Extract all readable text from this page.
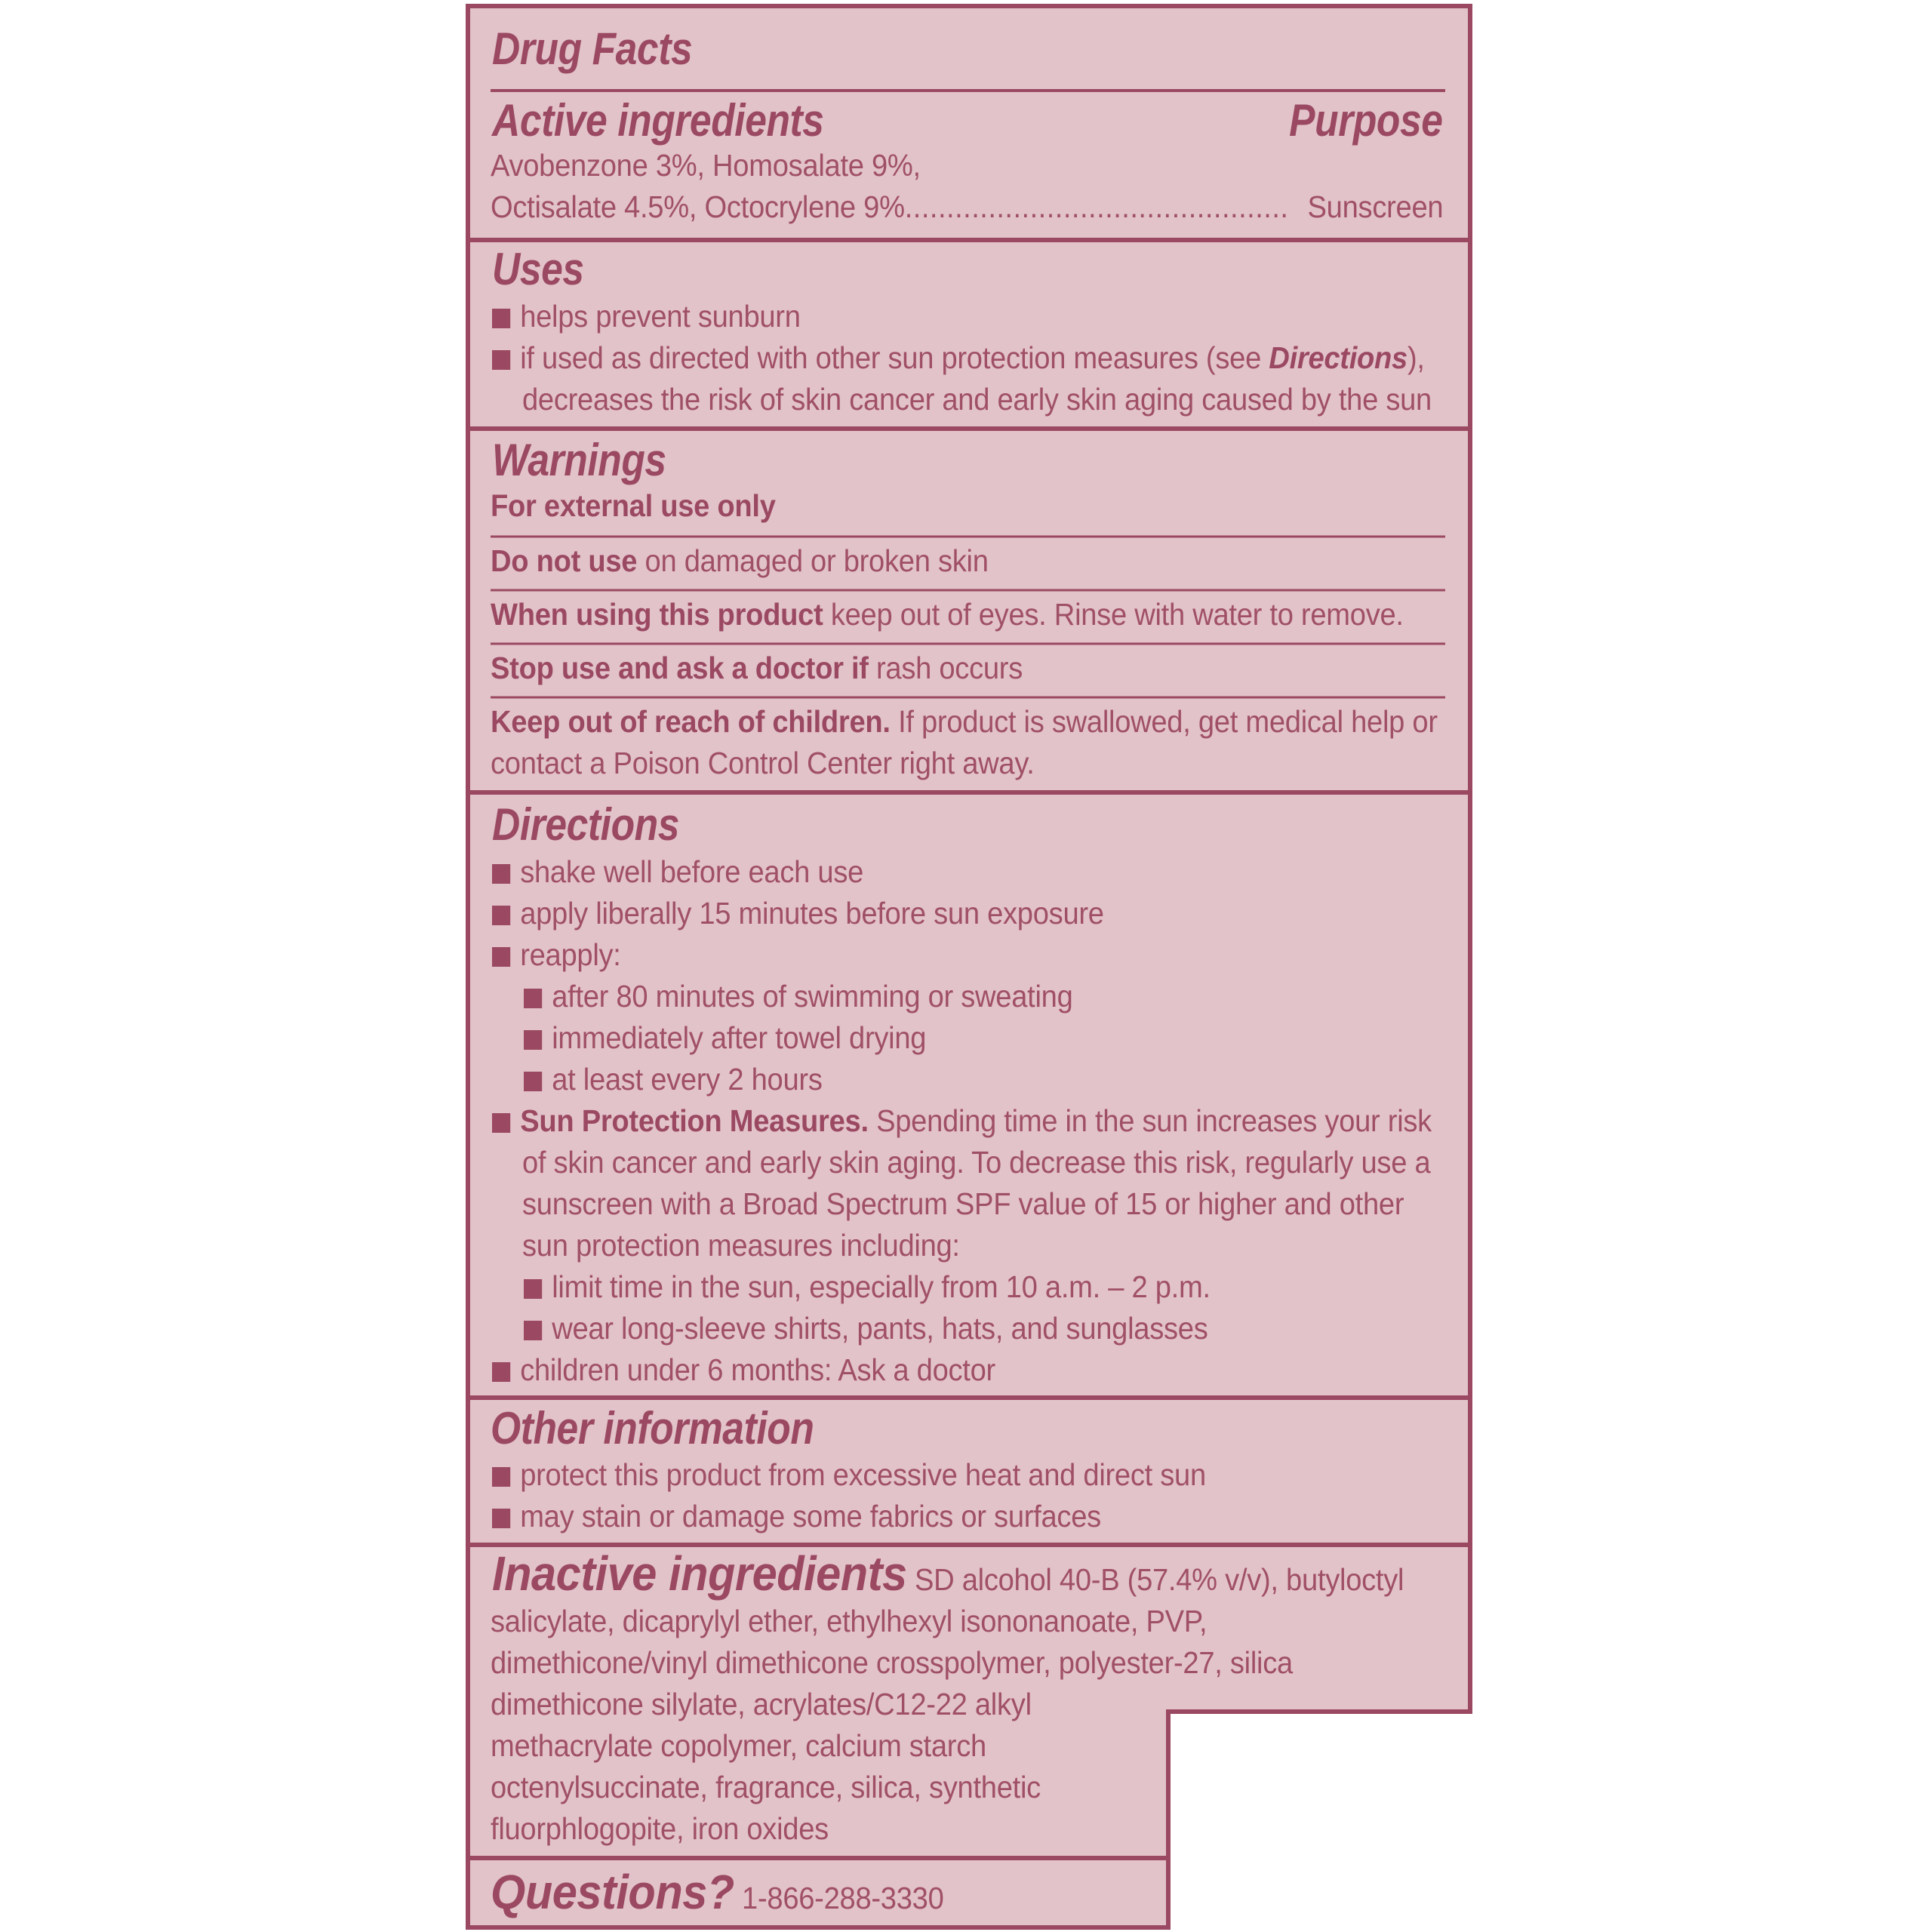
Drug Facts
Active ingredients	Purpose
Avobenzone 3%, Homosalate 9%,
Octisalate 4.5%, Octocrylene 9%.............................................. Sunscreen
Uses
helps prevent sunburn
if used as directed with other sun protection measures (see Directions),
decreases the risk of skin cancer and early skin aging caused by the sun
Warnings
For external use only
Do not use on damaged or broken skin
When using this product keep out of eyes. Rinse with water to remove.
Stop use and ask a doctor if rash occurs
Keep out of reach of children. If product is swallowed, get medical help or
contact a Poison Control Center right away.
Directions
shake well before each use
apply liberally 15 minutes before sun exposure
reapply:
after 80 minutes of swimming or sweating
immediately after towel drying
at least every 2 hours
Sun Protection Measures. Spending time in the sun increases your risk
of skin cancer and early skin aging. To decrease this risk, regularly use a
sunscreen with a Broad Spectrum SPF value of 15 or higher and other
sun protection measures including:
limit time in the sun, especially from 10 a.m. – 2 p.m.
wear long-sleeve shirts, pants, hats, and sunglasses
children under 6 months: Ask a doctor
Other information
protect this product from excessive heat and direct sun
may stain or damage some fabrics or surfaces
Inactive ingredients SD alcohol 40-B (57.4% v/v), butyloctyl
salicylate, dicaprylyl ether, ethylhexyl isononanoate, PVP,
dimethicone/vinyl dimethicone crosspolymer, polyester-27, silica
dimethicone silylate, acrylates/C12-22 alkyl
methacrylate copolymer, calcium starch
octenylsuccinate, fragrance, silica, synthetic
fluorphlogopite, iron oxides
Questions? 1-866-288-3330
